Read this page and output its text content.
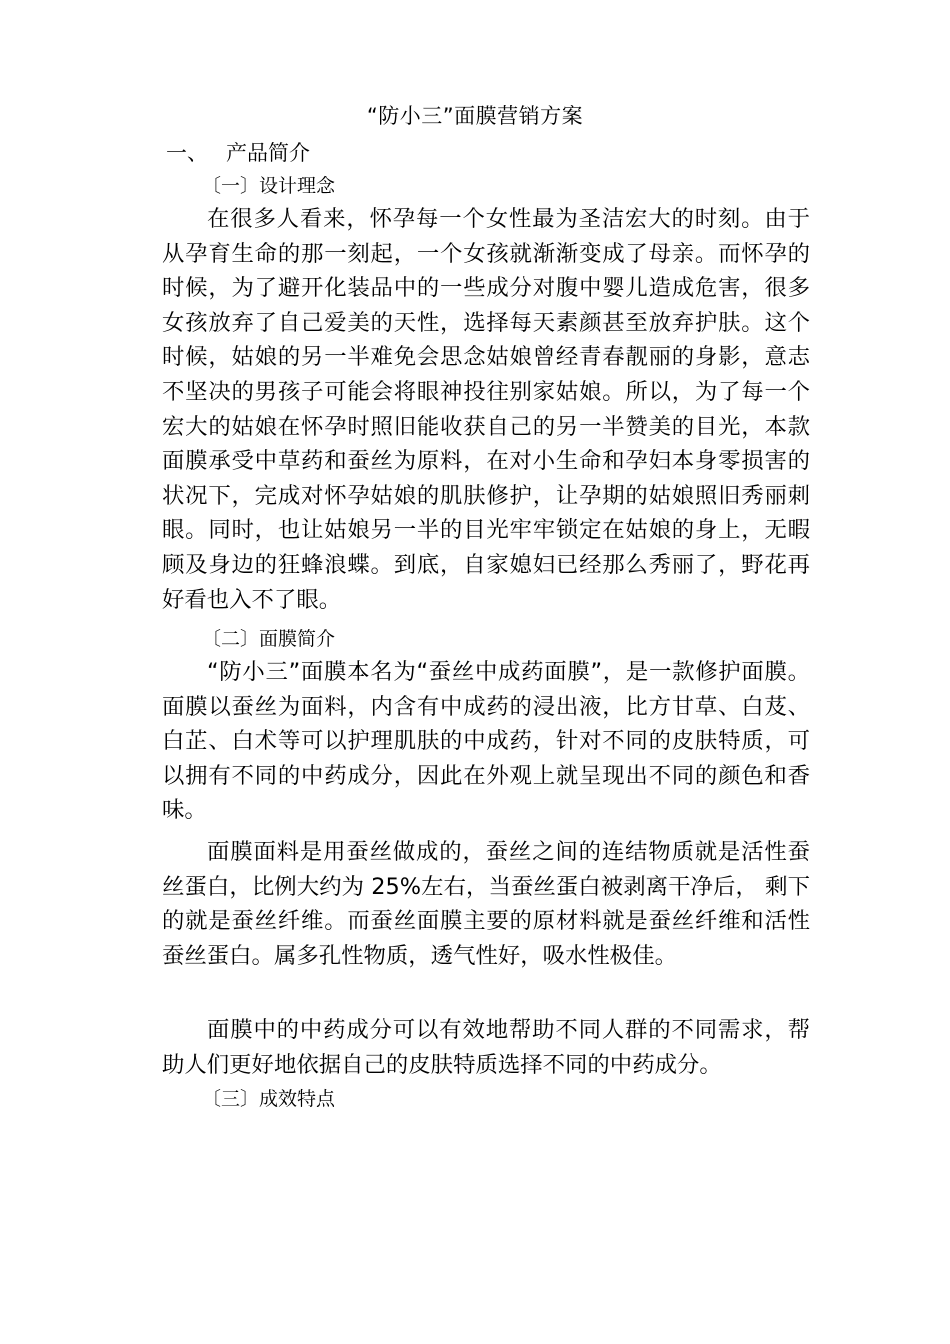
“防小三”面膜营销方案
一、 产品简介
〔一〕设计理念

在很多人看来，怀孕每一个女性最为圣洁宏大的时刻。由于从孕育生命的那一刻起，一个女孩就渐渐变成了母亲。而怀孕的时候，为了避开化装品中的一些成分对腹中婴儿造成危害，很多女孩放弃了自己爱美的天性，选择每天素颜甚至放弃护肤。这个时候，姑娘的另一半难免会思念姑娘曾经青春靓丽的身影，意志不坚决的男孩子可能会将眼神投往别家姑娘。所以，为了每一个宏大的姑娘在怀孕时照旧能收获自己的另一半赞美的目光，本款面膜承受中草药和蚕丝为原料，在对小生命和孕妇本身零损害的状况下，完成对怀孕姑娘的肌肤修护，让孕期的姑娘照旧秀丽刺眼。同时，也让姑娘另一半的目光牢牢锁定在姑娘的身上，无暇顾及身边的狂蜂浪蝶。到底，自家媳妇已经那么秀丽了，野花再好看也入不了眼。

〔二〕面膜简介

“防小三”面膜本名为“蚕丝中成药面膜”，是一款修护面膜。面膜以蚕丝为面料，内含有中成药的浸出液，比方甘草、白芨、白芷、白术等可以护理肌肤的中成药，针对不同的皮肤特质，可以拥有不同的中药成分，因此在外观上就呈现出不同的颜色和香味。

面膜面料是用蚕丝做成的，蚕丝之间的连结物质就是活性蚕丝蛋白，比例大约为 25%左右，当蚕丝蛋白被剥离干净后， 剩下的就是蚕丝纤维。而蚕丝面膜主要的原材料就是蚕丝纤维和活性蚕丝蛋白。属多孔性物质，透气性好，吸水性极佳。

面膜中的中药成分可以有效地帮助不同人群的不同需求，帮助人们更好地依据自己的皮肤特质选择不同的中药成分。

〔三〕成效特点
